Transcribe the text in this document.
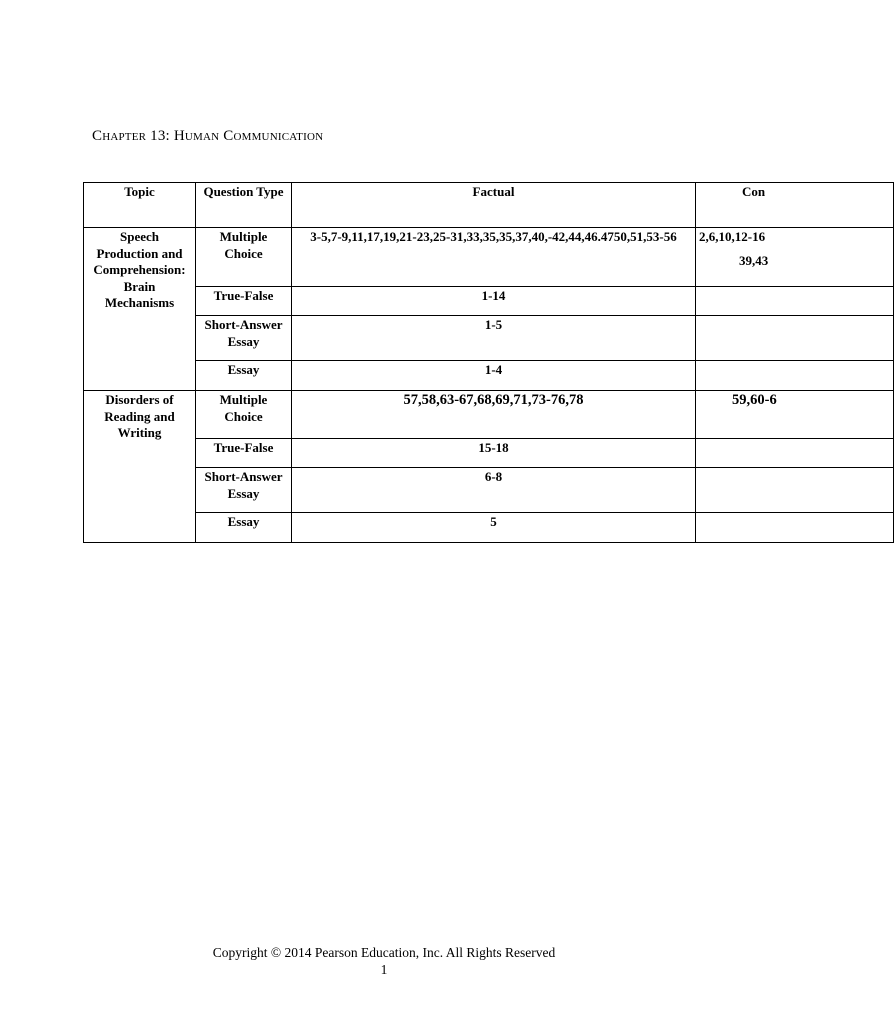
Chapter 13: Human Communication
Topic	Question Type	Factual	Con
Speech Production and Comprehension: Brain Mechanisms	Multiple Choice	3-5,7-9,11,17,19,21-23,25-31,33,35,35,37,40,-42,44,46.4750,51,53-56	2,6,10,12-16
39,43

	True-False	1-14	
	Short-Answer Essay	1-5	
	Essay	1-4	
Disorders of Reading and Writing	Multiple Choice	57,58,63-67,68,69,71,73-76,78	59,60-6
	True-False	15-18	
	Short-Answer Essay	6-8	
	Essay	5	
Copyright © 2014 Pearson Education, Inc. All Rights Reserved
1
